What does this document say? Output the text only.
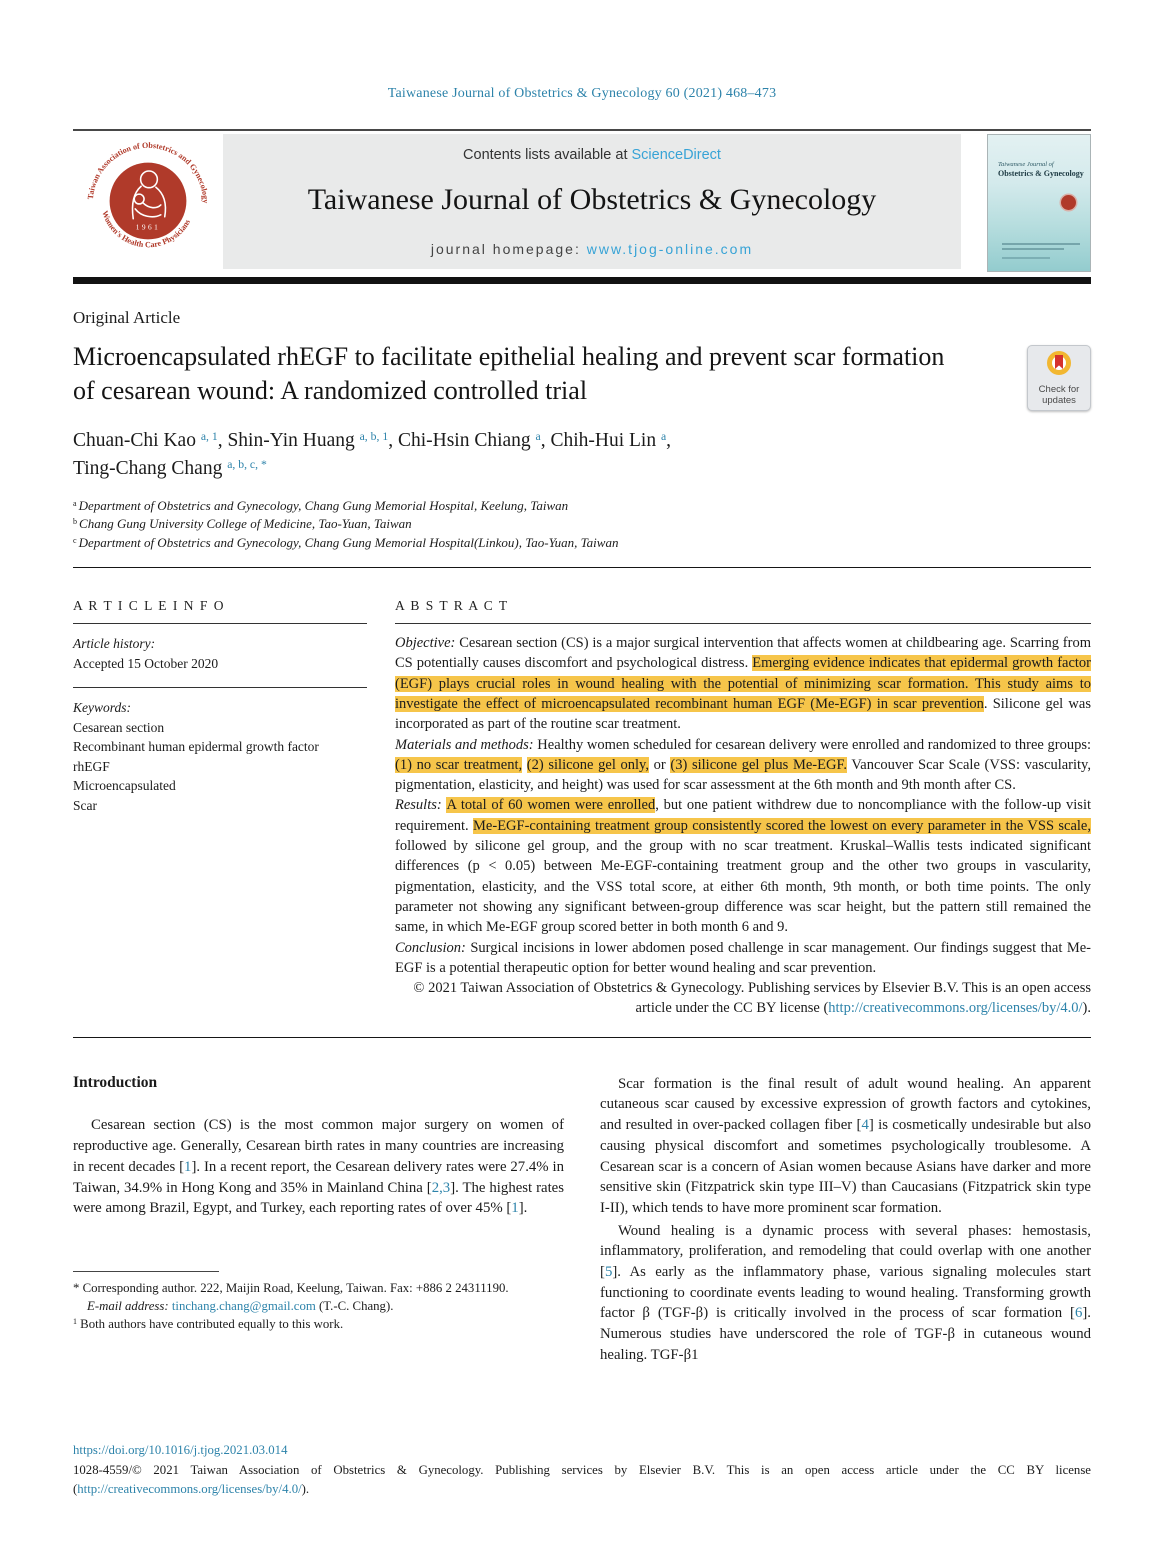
Taiwanese Journal of Obstetrics & Gynecology 60 (2021) 468–473
Taiwan Association of Obstetrics and Gynecology
Women's Health Care Physicians
1961
Contents lists available at ScienceDirect
Taiwanese Journal of Obstetrics & Gynecology
journal homepage: www.tjog-online.com
Taiwanese Journal of
Obstetrics & Gynecology
Original Article
Microencapsulated rhEGF to facilitate epithelial healing and prevent scar formation of cesarean wound: A randomized controlled trial	Check for
updates
Chuan-Chi Kao $^{a, 1}$, Shin-Yin Huang $^{a, b, 1}$, Chi-Hsin Chiang $^a$, Chih-Hui Lin $^a$,
Ting-Chang Chang $^{a, b, c, *}$
$^a$ Department of Obstetrics and Gynecology, Chang Gung Memorial Hospital, Keelung, Taiwan
$^b$ Chang Gung University College of Medicine, Tao-Yuan, Taiwan
$^c$ Department of Obstetrics and Gynecology, Chang Gung Memorial Hospital(Linkou), Tao-Yuan, Taiwan
A R T I C L E I N F O
Article history:
Accepted 15 October 2020
Keywords:
Cesarean section
Recombinant human epidermal growth factor
rhEGF
Microencapsulated
Scar
A B S T R A C T
Objective: Cesarean section (CS) is a major surgical intervention that affects women at childbearing age. Scarring from CS potentially causes discomfort and psychological distress. Emerging evidence indicates that epidermal growth factor (EGF) plays crucial roles in wound healing with the potential of minimizing scar formation. This study aims to investigate the effect of microencapsulated recombinant human EGF (Me-EGF) in scar prevention. Silicone gel was incorporated as part of the routine scar treatment.
Materials and methods: Healthy women scheduled for cesarean delivery were enrolled and randomized to three groups: (1) no scar treatment, (2) silicone gel only, or (3) silicone gel plus Me-EGF. Vancouver Scar Scale (VSS: vascularity, pigmentation, elasticity, and height) was used for scar assessment at the 6th month and 9th month after CS.
Results: A total of 60 women were enrolled, but one patient withdrew due to noncompliance with the follow-up visit requirement. Me-EGF-containing treatment group consistently scored the lowest on every parameter in the VSS scale, followed by silicone gel group, and the group with no scar treatment. Kruskal–Wallis tests indicated significant differences (p < 0.05) between Me-EGF-containing treatment group and the other two groups in vascularity, pigmentation, elasticity, and the VSS total score, at either 6th month, 9th month, or both time points. The only parameter not showing any significant between-group difference was scar height, but the pattern still remained the same, in which Me-EGF group scored better in both month 6 and 9.
Conclusion: Surgical incisions in lower abdomen posed challenge in scar management. Our findings suggest that Me-EGF is a potential therapeutic option for better wound healing and scar prevention.
© 2021 Taiwan Association of Obstetrics & Gynecology. Publishing services by Elsevier B.V. This is an open access article under the CC BY license (http://creativecommons.org/licenses/by/4.0/).
Introduction
Cesarean section (CS) is the most common major surgery on women of reproductive age. Generally, Cesarean birth rates in many countries are increasing in recent decades [1]. In a recent report, the Cesarean delivery rates were 27.4% in Taiwan, 34.9% in Hong Kong and 35% in Mainland China [2,3]. The highest rates were among Brazil, Egypt, and Turkey, each reporting rates of over 45% [1].
* Corresponding author. 222, Maijin Road, Keelung, Taiwan. Fax: +886 2 24311190.
E-mail address: tinchang.chang@gmail.com (T.-C. Chang).
$^1$ Both authors have contributed equally to this work.
Scar formation is the final result of adult wound healing. An apparent cutaneous scar caused by excessive expression of growth factors and cytokines, and resulted in over-packed collagen fiber [4] is cosmetically undesirable but also causing physical discomfort and sometimes psychologically troublesome. A Cesarean scar is a concern of Asian women because Asians have darker and more sensitive skin (Fitzpatrick skin type III–V) than Caucasians (Fitzpatrick skin type I-II), which tends to have more prominent scar formation.
Wound healing is a dynamic process with several phases: hemostasis, inflammatory, proliferation, and remodeling that could overlap with one another [5]. As early as the inflammatory phase, various signaling molecules start functioning to coordinate events leading to wound healing. Transforming growth factor β (TGF-β) is critically involved in the process of scar formation [6]. Numerous studies have underscored the role of TGF-β in cutaneous wound healing. TGF-β1
https://doi.org/10.1016/j.tjog.2021.03.014
1028-4559/© 2021 Taiwan Association of Obstetrics & Gynecology. Publishing services by Elsevier B.V. This is an open access article under the CC BY license (http://creativecommons.org/licenses/by/4.0/).
